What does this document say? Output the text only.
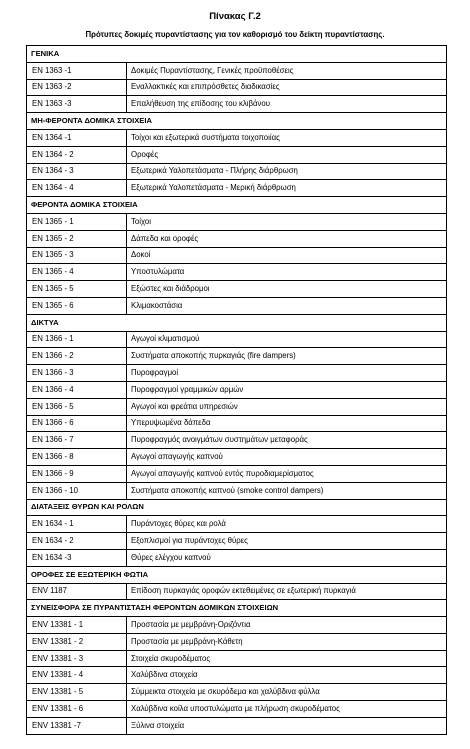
Πίνακας Γ.2
Πρότυπες δοκιμές πυραντίστασης για τον καθορισμό του δείκτη πυραντίστασης.
ΓΕΝΙΚΑ	
EN 1363 -1	Δοκιμές Πυραντίστασης, Γενικές προϋποθέσεις
EN 1363 -2	Εναλλακτικές και επιπρόσθετες διαδικασίες
EN 1363 -3	Επαλήθευση της επίδοσης του κλιβάνου
ΜΗ-ΦΕΡΟΝΤΑ ΔΟΜΙΚΑ ΣΤΟΙΧΕΙΑ	
EN 1364 -1	Τοίχοι και εξωτερικά συστήματα τοιχοποιίας
EN 1364 - 2	Οροφές
EN 1364 - 3	Εξωτερικά Υαλοπετάσματα - Πλήρης διάρθρωση
EN 1364 - 4	Εξωτερικά Υαλοπετάσματα - Μερική διάρθρωση
ΦΕΡΟΝΤΑ ΔΟΜΙΚΑ ΣΤΟΙΧΕΙΑ	
EN 1365 - 1	Τοίχοι
EN 1365 - 2	Δάπεδα και οροφές
EN 1365 - 3	Δοκοί
EN 1365 - 4	Υποστυλώματα
EN 1365 - 5	Εξώστες και διάδρομοι
EN 1365 - 6	Κλιμακοστάσια
ΔΙΚΤΥΑ	
EN 1366 - 1	Αγωγοί κλιματισμού
EN 1366 - 2	Συστήματα αποκοπής πυρκαγιάς (fire dampers)
EN 1366 - 3	Πυροφραγμοί
EN 1366 - 4	Πυροφραγμοί γραμμικών αρμών
EN 1366 - 5	Αγωγοί και φρεάτια υπηρεσιών
EN 1366 - 6	Υπερυψωμένα δάπεδα
EN 1366 - 7	Πυροφραγμός ανοιγμάτων συστημάτων μεταφοράς
EN 1366 - 8	Αγωγοί απαγωγής καπνού
EN 1366 - 9	Αγωγοί απαγωγής καπνού εντός πυροδιαμερίσματος
EN 1366 - 10	Συστήματα αποκοπής καπνού (smoke control dampers)
ΔΙΑΤΑΞΕΙΣ ΘΥΡΩΝ ΚΑΙ ΡΟΛΩΝ	
EN 1634 - 1	Πυράντοχες θύρες και ρολά
EN 1634 - 2	Εξοπλισμοί για πυράντοχες θύρες
EN 1634 -3	Θύρες ελέγχου καπνού
ΟΡΟΦΕΣ ΣΕ ΕΞΩΤΕΡΙΚΗ ΦΩΤΙΑ	
ENV 1187	Επίδοση πυρκαγιάς οροφών εκτεθειμένες σε εξωτερική πυρκαγιά
ΣΥΝΕΙΣΦΟΡΑ ΣΕ ΠΥΡΑΝΤΙΣΤΑΣΗ ΦΕΡΟΝΤΩΝ ΔΟΜΙΚΩΝ ΣΤΟΙΧΕΙΩΝ	
ENV 13381 - 1	Προστασία με μεμβράνη-Οριζόντια
ENV 13381 - 2	Προστασία με μεμβράνη-Κάθετη
ENV 13381 - 3	Στοιχεία σκυροδέματος
ENV 13381 - 4	Χαλύβδινα στοιχεία
ENV 13381 - 5	Σύμμεικτα στοιχεία με σκυρόδεμα και χαλύβδινα φύλλα
ENV 13381 - 6	Χαλύβδινα κοίλα υποστυλώματα με πλήρωση σκυροδέματος
ENV 13381 -7	Ξύλινα στοιχεία
